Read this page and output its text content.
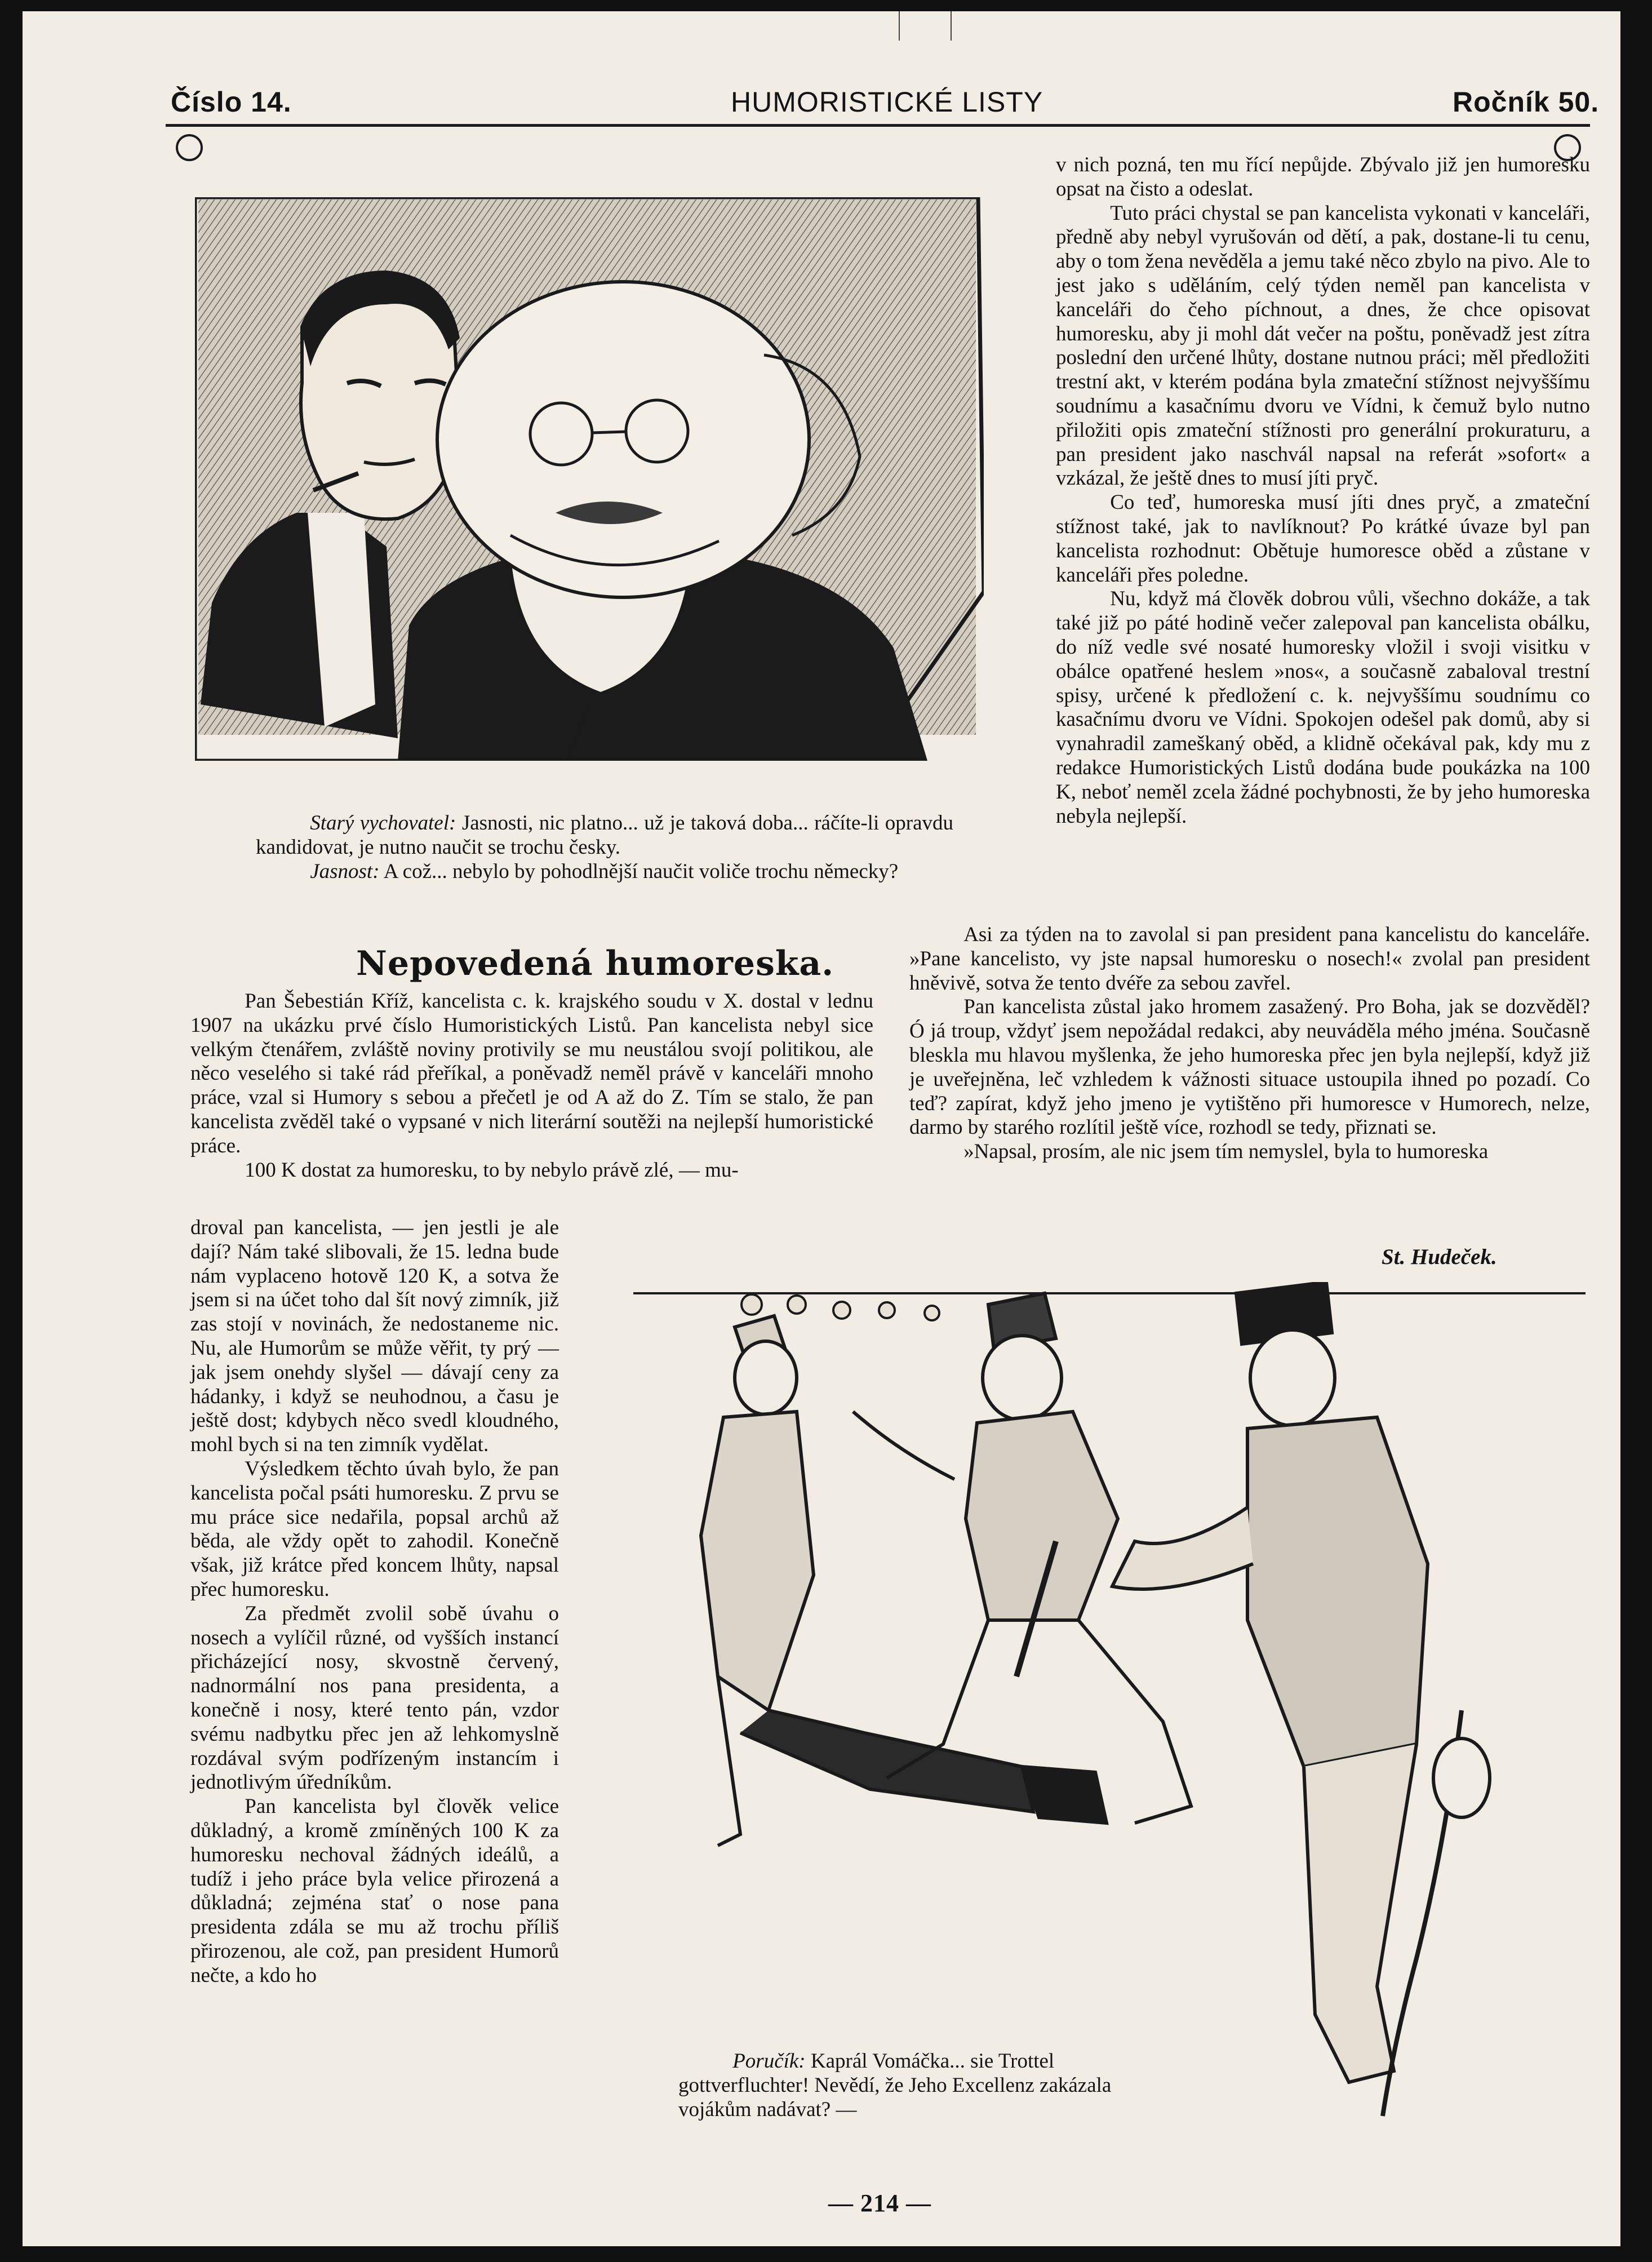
Číslo 14.	HUMORISTICKÉ LISTY	Ročník 50.

Starý vychovatel: Jasnosti, nic platno... už je taková doba... ráčíte-li opravdu kandidovat, je nutno naučit se trochu česky.

Jasnost: A což... nebylo by pohodlnější naučit voliče trochu německy?

v nich pozná, ten mu řící nepůjde. Zbývalo již jen humoresku opsat na čisto a odeslat.

Tuto práci chystal se pan kancelista vykonati v kanceláři, předně aby nebyl vyrušován od dětí, a pak, dostane-li tu cenu, aby o tom žena nevěděla a jemu také něco zbylo na pivo. Ale to jest jako s uděláním, celý týden neměl pan kancelista v kanceláři do čeho píchnout, a dnes, že chce opisovat humoresku, aby ji mohl dát večer na poštu, poněvadž jest zítra poslední den určené lhůty, dostane nutnou práci; měl předložiti trestní akt, v kterém podána byla zmateční stížnost nejvyššímu soudnímu a kasačnímu dvoru ve Vídni, k čemuž bylo nutno přiložiti opis zmateční stížnosti pro generální prokuraturu, a pan president jako naschvál napsal na referát »sofort« a vzkázal, že ještě dnes to musí jíti pryč.

Co teď, humoreska musí jíti dnes pryč, a zmateční stížnost také, jak to navlíknout? Po krátké úvaze byl pan kancelista rozhodnut: Obětuje humoresce oběd a zůstane v kanceláři přes poledne.

Nu, když má člověk dobrou vůli, všechno dokáže, a tak také již po páté hodině večer zalepoval pan kancelista obálku, do níž vedle své nosaté humoresky vložil i svoji visitku v obálce opatřené heslem »nos«, a současně zabaloval trestní spisy, určené k předložení c. k. nejvyššímu soudnímu co kasačnímu dvoru ve Vídni. Spokojen odešel pak domů, aby si vynahradil zameškaný oběd, a klidně očekával pak, kdy mu z redakce Humoristických Listů dodána bude poukázka na 100 K, neboť neměl zcela žádné pochybnosti, že by jeho humoreska nebyla nejlepší.

Asi za týden na to zavolal si pan president pana kancelistu do kanceláře. »Pane kancelisto, vy jste napsal humoresku o nosech!« zvolal pan president hněvivě, sotva že tento dvéře za sebou zavřel.

Pan kancelista zůstal jako hromem zasažený. Pro Boha, jak se dozvěděl? Ó já troup, vždyť jsem nepožádal redakci, aby neuváděla mého jména. Současně bleskla mu hlavou myšlenka, že jeho humoreska přec jen byla nejlepší, když již je uveřejněna, leč vzhledem k vážnosti situace ustoupila ihned po pozadí. Co teď? zapírat, když jeho jmeno je vytištěno při humoresce v Humorech, nelze, darmo by starého rozlítil ještě více, rozhodl se tedy, přiznati se.

»Napsal, prosím, ale nic jsem tím nemyslel, byla to humoreska

Nepovedená humoreska.

Pan Šebestián Kříž, kancelista c. k. krajského soudu v X. dostal v lednu 1907 na ukázku prvé číslo Humoristických Listů. Pan kancelista nebyl sice velkým čtenářem, zvláště noviny protivily se mu neustálou svojí politikou, ale něco veselého si také rád přeříkal, a poněvadž neměl právě v kanceláři mnoho práce, vzal si Humory s sebou a přečetl je od A až do Z. Tím se stalo, že pan kancelista zvěděl také o vypsané v nich literární soutěži na nejlepší humoristické práce.

100 K dostat za humoresku, to by nebylo právě zlé, — mu-

droval pan kancelista, — jen jestli je ale dají? Nám také slibovali, že 15. ledna bude nám vyplaceno hotově 120 K, a sotva že jsem si na účet toho dal šít nový zimník, již zas stojí v novinách, že nedostaneme nic. Nu, ale Humorům se může věřit, ty prý — jak jsem onehdy slyšel — dávají ceny za hádanky, i když se neuhodnou, a času je ještě dost; kdybych něco svedl kloudného, mohl bych si na ten zimník vydělat.

Výsledkem těchto úvah bylo, že pan kancelista počal psáti humoresku. Z prvu se mu práce sice nedařila, popsal archů až běda, ale vždy opět to zahodil. Konečně však, již krátce před koncem lhůty, napsal přec humoresku.

Za předmět zvolil sobě úvahu o nosech a vylíčil různé, od vyšších instancí přicházející nosy, skvostně červený, nadnormální nos pana presidenta, a konečně i nosy, které tento pán, vzdor svému nadbytku přec jen až lehkomyslně rozdával svým podřízeným instancím i jednotlivým úředníkům.

Pan kancelista byl člověk velice důkladný, a kromě zmíněných 100 K za humoresku nechoval žádných ideálů, a tudíž i jeho práce byla velice přirozená a důkladná; zejména stať o nose pana presidenta zdála se mu až trochu příliš přirozenou, ale což, pan president Humorů nečte, a kdo ho

St. Hudeček.

Poručík: Kaprál Vomáčka... sie Trottel gottverfluchter! Nevědí, že Jeho Excellenz zakázala vojákům nadávat? —

— 214 —
